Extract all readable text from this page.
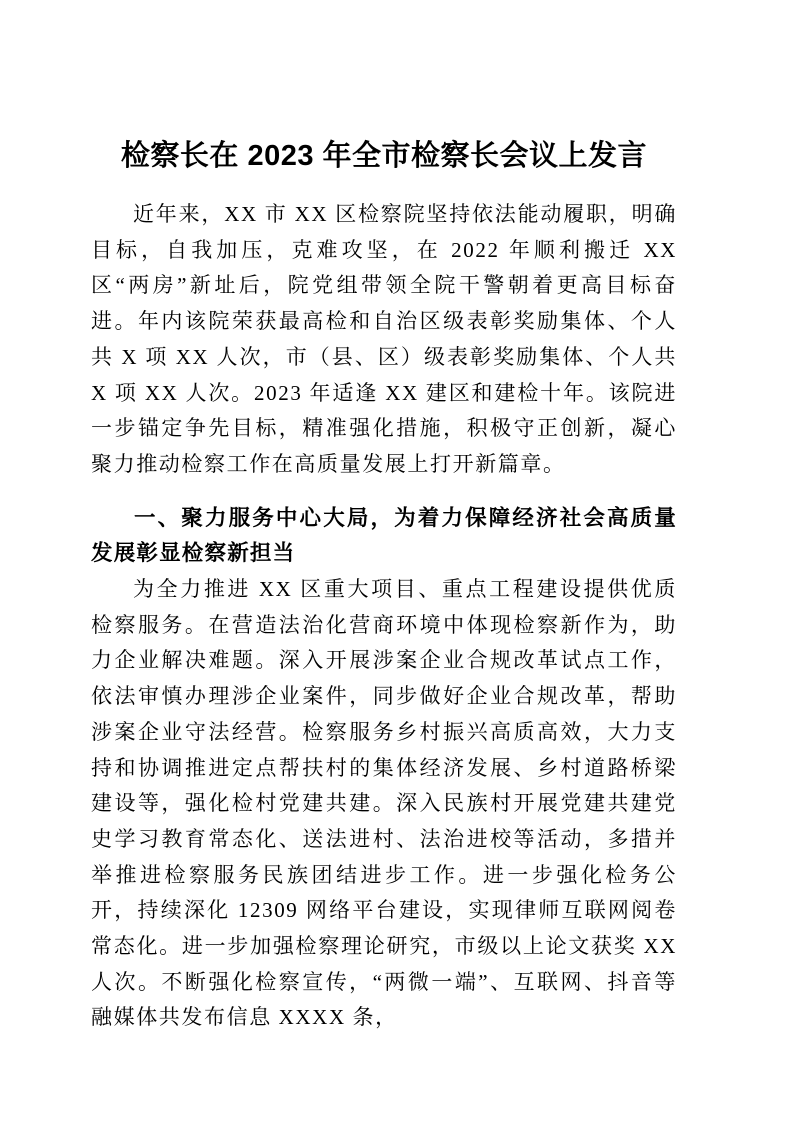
检察长在 2023 年全市检察长会议上发言

近年来，XX 市 XX 区检察院坚持依法能动履职，明确目标，自我加压，克难攻坚，在 2022 年顺利搬迁 XX 区“两房”新址后，院党组带领全院干警朝着更高目标奋进。年内该院荣获最高检和自治区级表彰奖励集体、个人共 X 项 XX 人次，市（县、区）级表彰奖励集体、个人共 X 项 XX 人次。2023 年适逢 XX 建区和建检十年。该院进一步锚定争先目标，精准强化措施，积极守正创新，凝心聚力推动检察工作在高质量发展上打开新篇章。

一、聚力服务中心大局，为着力保障经济社会高质量发展彰显检察新担当

为全力推进 XX 区重大项目、重点工程建设提供优质检察服务。在营造法治化营商环境中体现检察新作为，助力企业解决难题。深入开展涉案企业合规改革试点工作，依法审慎办理涉企业案件，同步做好企业合规改革，帮助涉案企业守法经营。检察服务乡村振兴高质高效，大力支持和协调推进定点帮扶村的集体经济发展、乡村道路桥梁建设等，强化检村党建共建。深入民族村开展党建共建党史学习教育常态化、送法进村、法治进校等活动，多措并举推进检察服务民族团结进步工作。进一步强化检务公开，持续深化 12309 网络平台建设，实现律师互联网阅卷常态化。进一步加强检察理论研究，市级以上论文获奖 XX 人次。不断强化检察宣传，“两微一端”、互联网、抖音等融媒体共发布信息 XXXX 条，
